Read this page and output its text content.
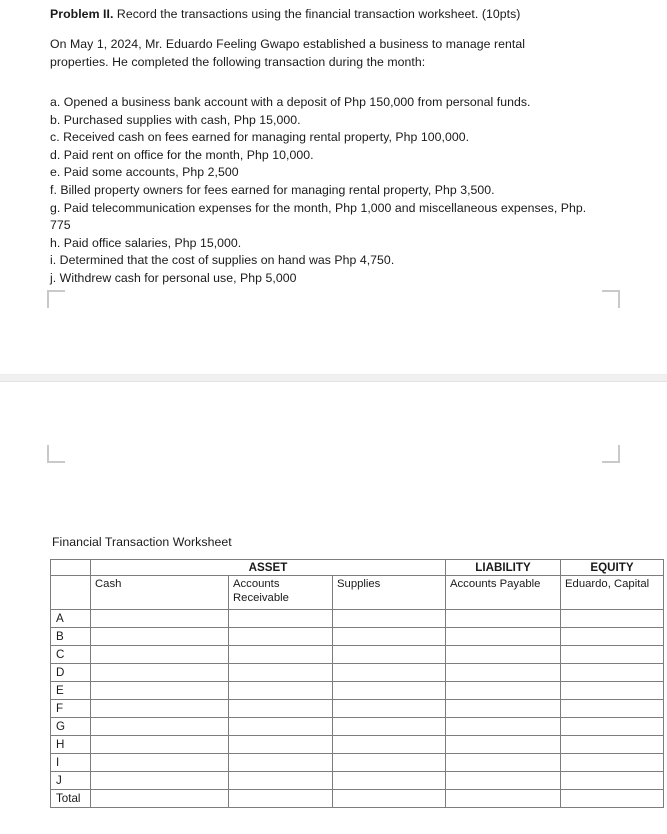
Problem II. Record the transactions using the financial transaction worksheet. (10pts)
On May 1, 2024, Mr. Eduardo Feeling Gwapo established a business to manage rental properties. He completed the following transaction during the month:
a. Opened a business bank account with a deposit of Php 150,000 from personal funds.
b. Purchased supplies with cash, Php 15,000.
c. Received cash on fees earned for managing rental property, Php 100,000.
d. Paid rent on office for the month, Php 10,000.
e. Paid some accounts, Php 2,500
f. Billed property owners for fees earned for managing rental property, Php 3,500.
g. Paid telecommunication expenses for the month, Php 1,000 and miscellaneous expenses, Php. 775
h. Paid office salaries, Php 15,000.
i. Determined that the cost of supplies on hand was Php 4,750.
j. Withdrew cash for personal use, Php 5,000
Financial Transaction Worksheet
	ASSET			LIABILITY	EQUITY
	Cash	Accounts Receivable	Supplies	Accounts Payable	Eduardo, Capital
A					
B					
C					
D					
E					
F					
G					
H					
I					
J					
Total					
